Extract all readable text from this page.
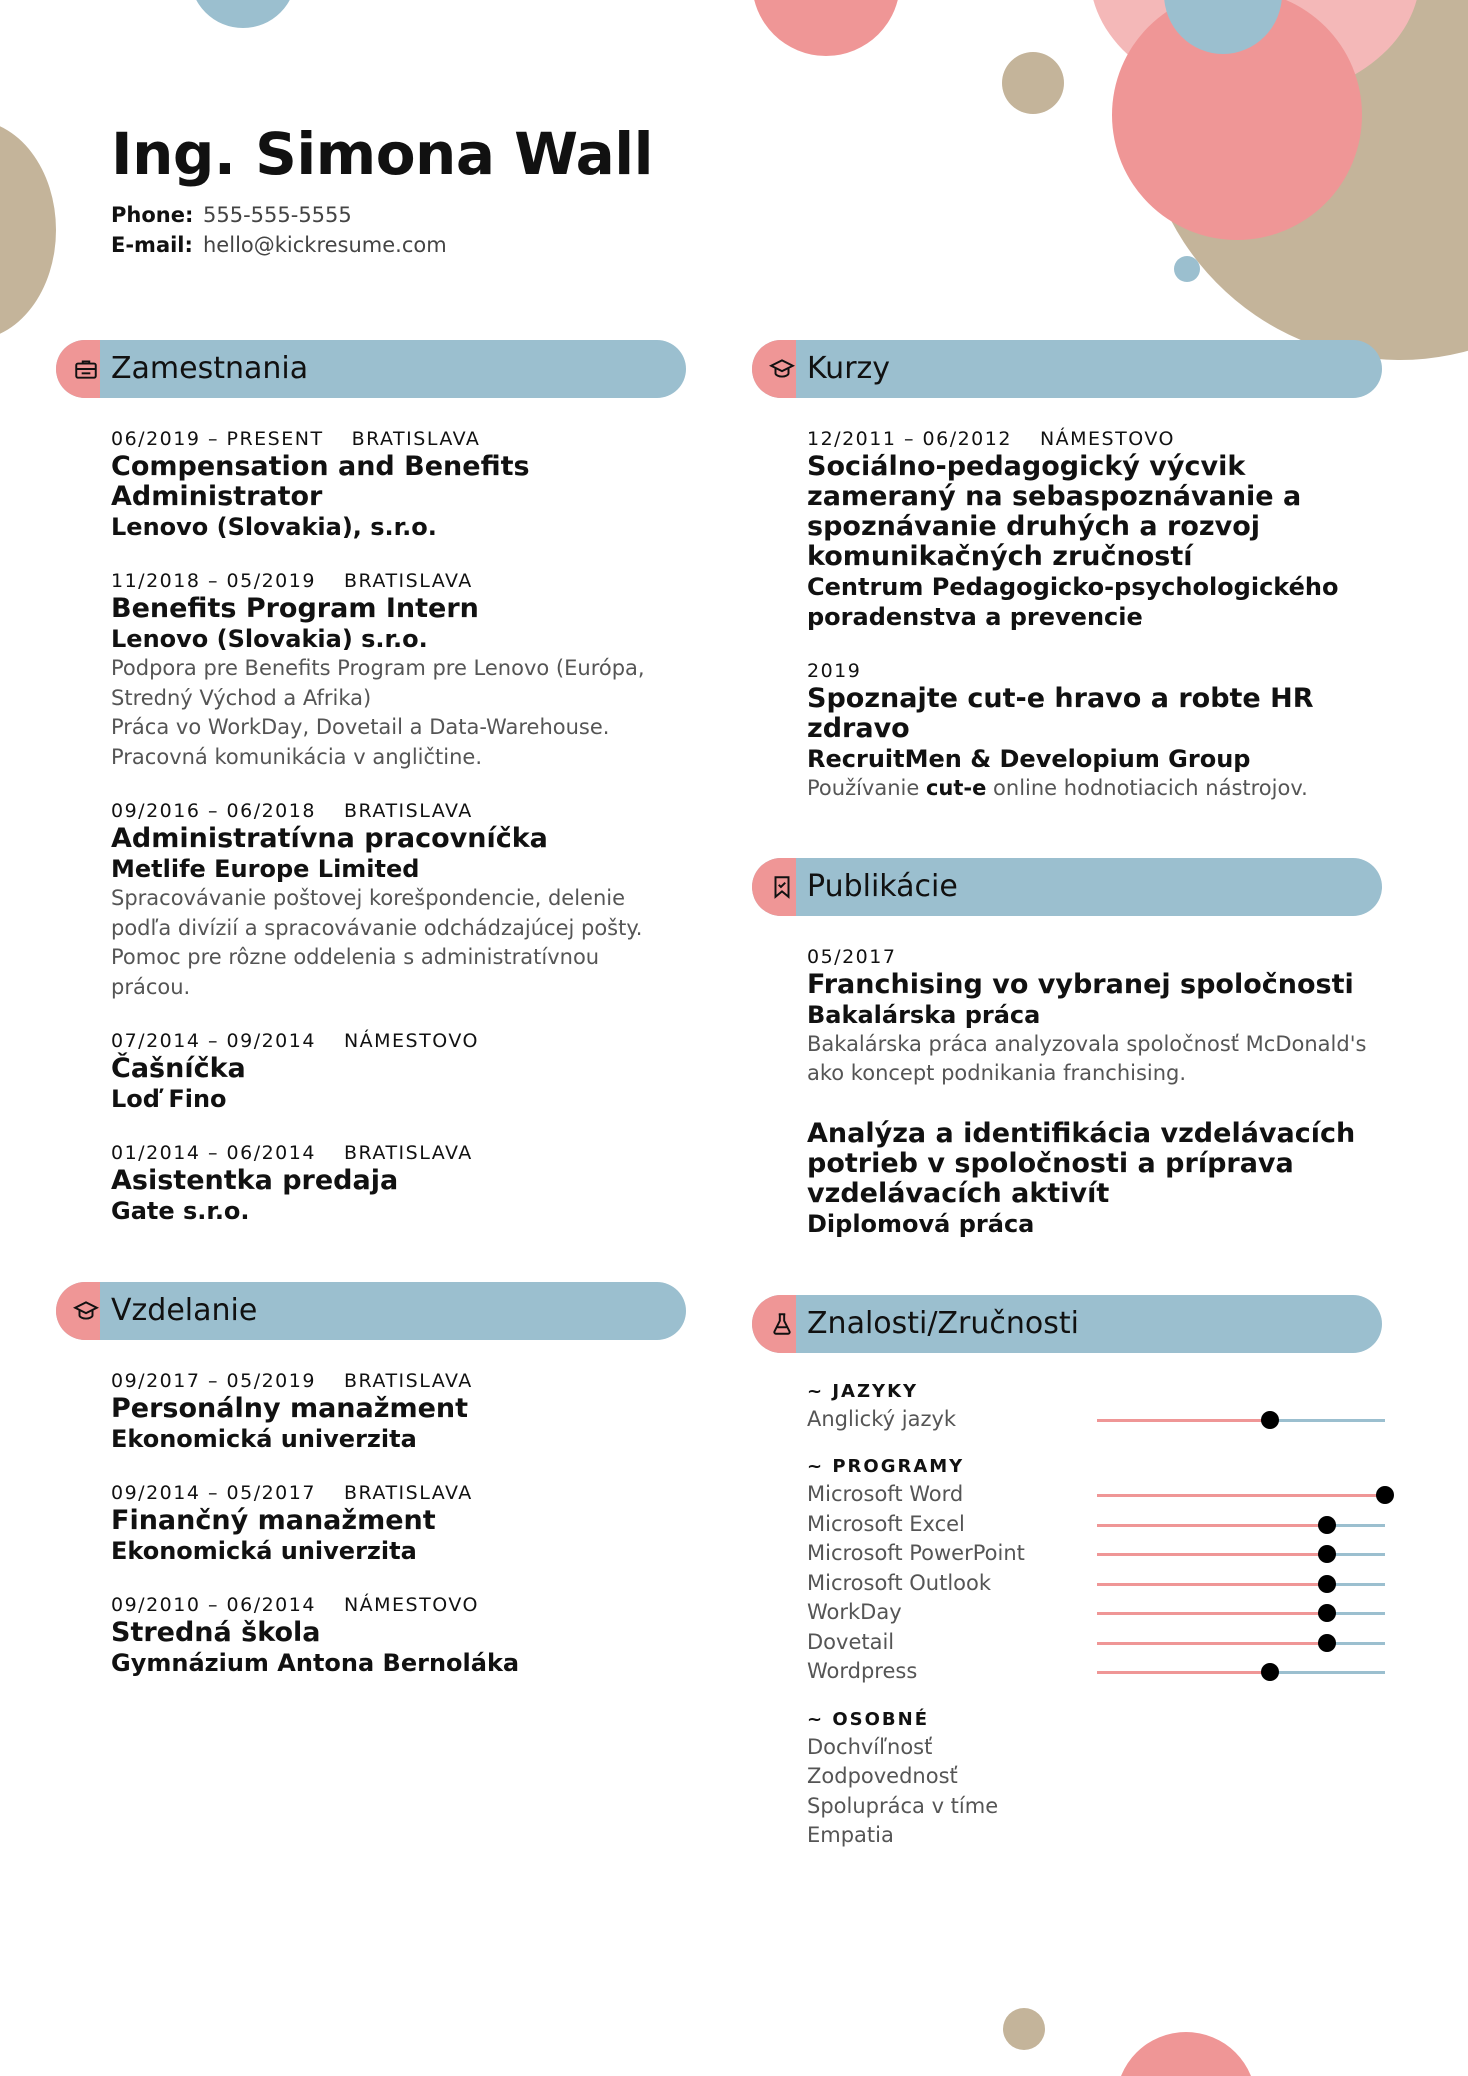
Ing. Simona Wall
Phone: 555-555-5555
E-mail: hello@kickresume.com
Zamestnania
06/2019 – PRESENT BRATISLAVA
Compensation and Benefits Administrator
Lenovo (Slovakia), s.r.o.
11/2018 – 05/2019 BRATISLAVA
Benefits Program Intern
Lenovo (Slovakia) s.r.o.
Podpora pre Benefits Program pre Lenovo (Európa, Stredný Východ a Afrika)
Práca vo WorkDay, Dovetail a Data-Warehouse.
Pracovná komunikácia v angličtine.
09/2016 – 06/2018 BRATISLAVA
Administratívna pracovníčka
Metlife Europe Limited
Spracovávanie poštovej korešpondencie, delenie podľa divízií a spracovávanie odchádzajúcej pošty.
Pomoc pre rôzne oddelenia s administratívnou prácou.
07/2014 – 09/2014 NÁMESTOVO
Čašníčka
Loď Fino
01/2014 – 06/2014 BRATISLAVA
Asistentka predaja
Gate s.r.o.
Vzdelanie
09/2017 – 05/2019 BRATISLAVA
Personálny manažment
Ekonomická univerzita
09/2014 – 05/2017 BRATISLAVA
Finančný manažment
Ekonomická univerzita
09/2010 – 06/2014 NÁMESTOVO
Stredná škola
Gymnázium Antona Bernoláka
Kurzy
12/2011 – 06/2012 NÁMESTOVO
Sociálno-pedagogický výcvik zameraný na sebaspoznávanie a spoznávanie druhých a rozvoj komunikačných zručností
Centrum Pedagogicko-psychologického poradenstva a prevencie
2019
Spoznajte cut-e hravo a robte HR zdravo
RecruitMen & Developium Group
Používanie cut-e online hodnotiacich nástrojov.
Publikácie
05/2017
Franchising vo vybranej spoločnosti
Bakalárska práca
Bakalárska práca analyzovala spoločnosť McDonald's ako koncept podnikania franchising.
Analýza a identifikácia vzdelávacích potrieb v spoločnosti a príprava vzdelávacích aktivít
Diplomová práca
Znalosti/Zručnosti
~ JAZYKY
Anglický jazyk
~ PROGRAMY
Microsoft Word
Microsoft Excel
Microsoft PowerPoint
Microsoft Outlook
WorkDay
Dovetail
Wordpress
~ OSOBNÉ
Dochvíľnosť
Zodpovednosť
Spolupráca v tíme
Empatia
